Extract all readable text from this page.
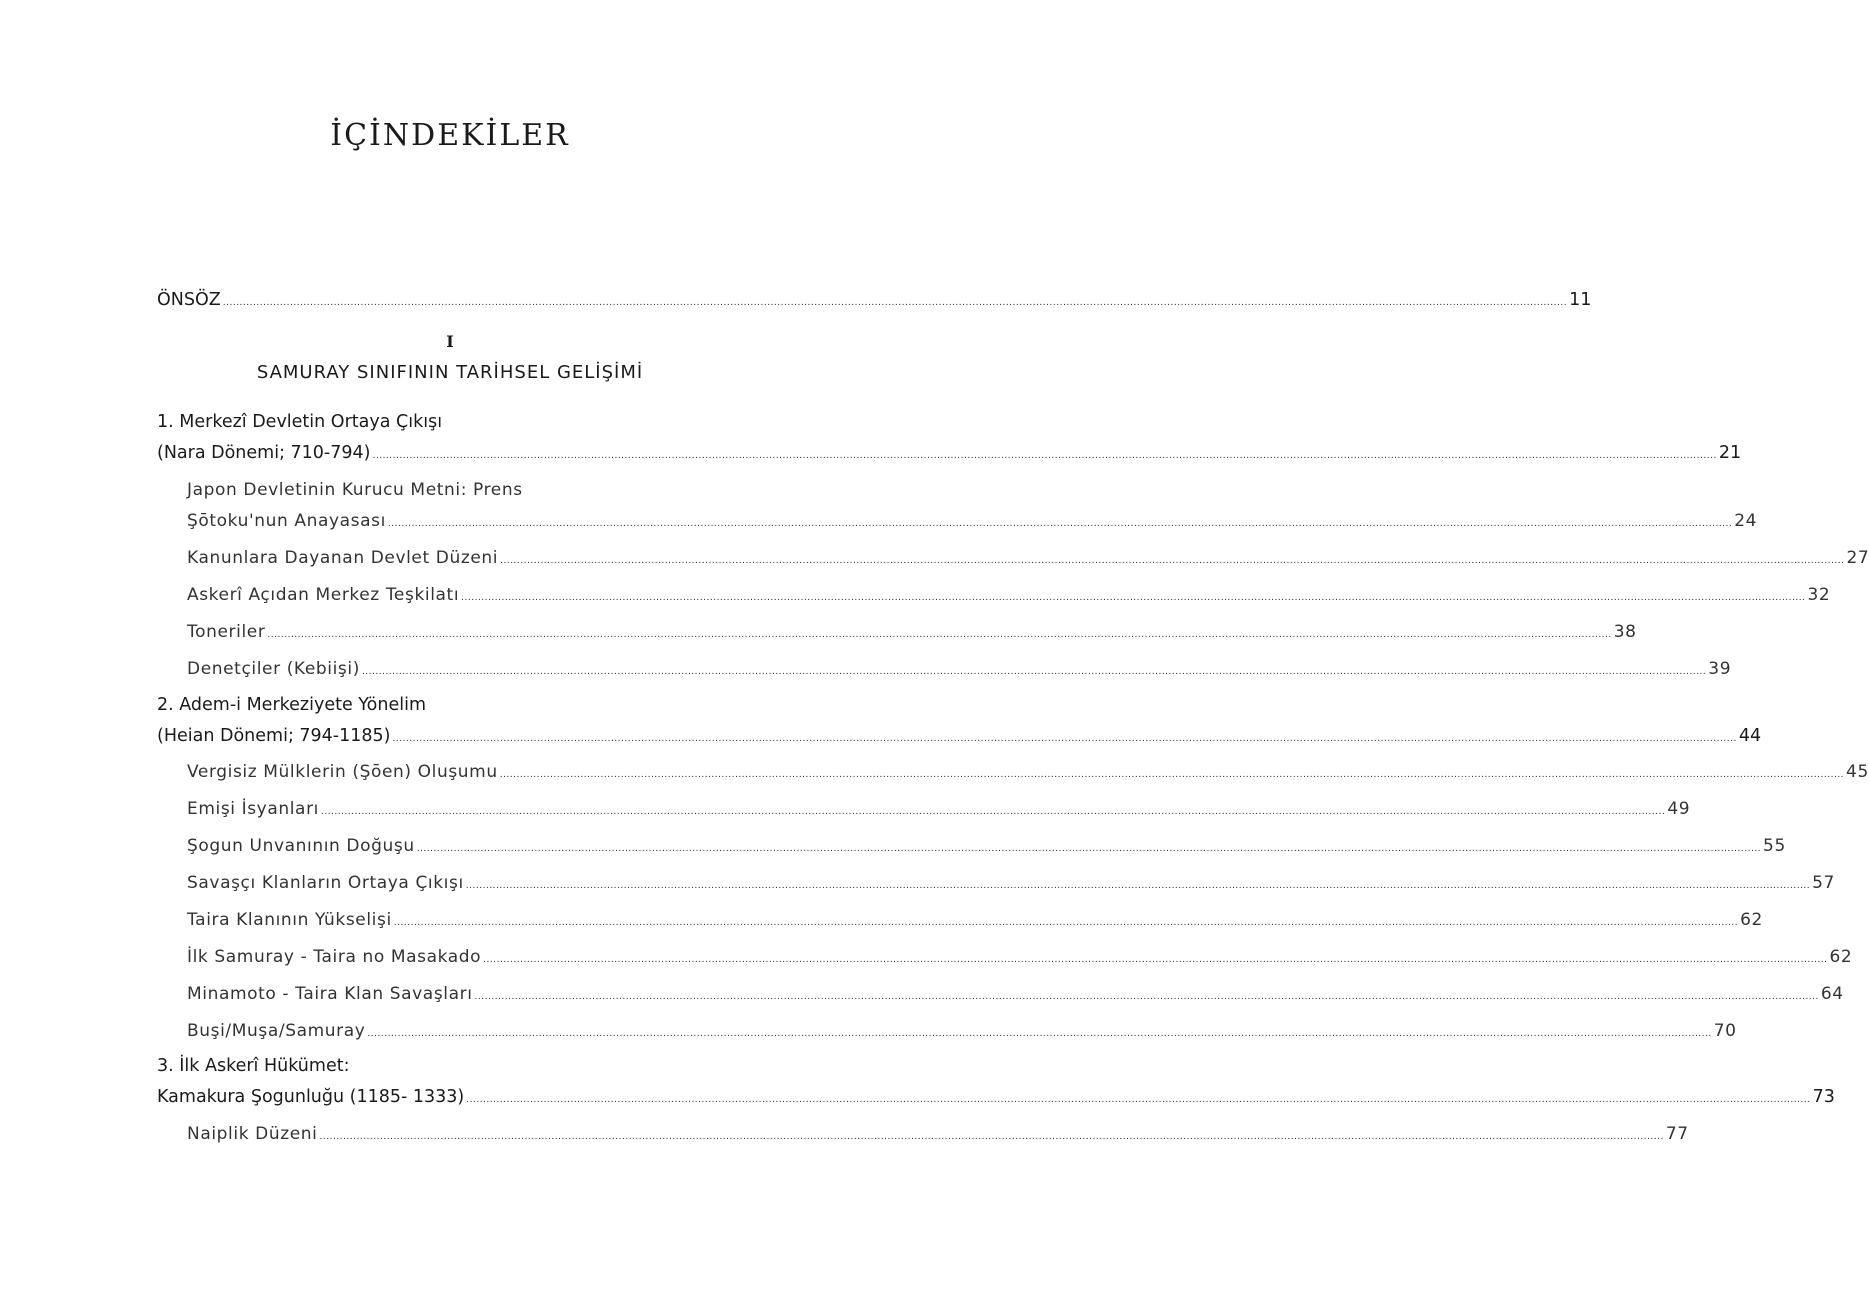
İÇİNDEKİLER
ÖNSÖZ ................................................................................................................................................................................................................................................................................................................................................................................................................ 11
I
SAMURAY SINIFININ TARİHSEL GELİŞİMİ
1. Merkezî Devletin Ortaya Çıkışı
(Nara Dönemi; 710-794) ................................................................................................................................................................................................................................................................................................................................................................................................................ 21
Japon Devletinin Kurucu Metni: Prens
Şōtoku'nun Anayasası ................................................................................................................................................................................................................................................................................................................................................................................................................ 24
Kanunlara Dayanan Devlet Düzeni ................................................................................................................................................................................................................................................................................................................................................................................................................ 27
Askerî Açıdan Merkez Teşkilatı ................................................................................................................................................................................................................................................................................................................................................................................................................ 32
Toneriler ................................................................................................................................................................................................................................................................................................................................................................................................................ 38
Denetçiler (Kebiişi) ................................................................................................................................................................................................................................................................................................................................................................................................................ 39
2. Adem-i Merkeziyete Yönelim
(Heian Dönemi; 794-1185) ................................................................................................................................................................................................................................................................................................................................................................................................................ 44
Vergisiz Mülklerin (Şōen) Oluşumu ................................................................................................................................................................................................................................................................................................................................................................................................................ 45
Emişi İsyanları ................................................................................................................................................................................................................................................................................................................................................................................................................ 49
Şogun Unvanının Doğuşu ................................................................................................................................................................................................................................................................................................................................................................................................................ 55
Savaşçı Klanların Ortaya Çıkışı ................................................................................................................................................................................................................................................................................................................................................................................................................ 57
Taira Klanının Yükselişi ................................................................................................................................................................................................................................................................................................................................................................................................................ 62
İlk Samuray - Taira no Masakado ................................................................................................................................................................................................................................................................................................................................................................................................................ 62
Minamoto - Taira Klan Savaşları ................................................................................................................................................................................................................................................................................................................................................................................................................ 64
Buşi/Muşa/Samuray ................................................................................................................................................................................................................................................................................................................................................................................................................ 70
3. İlk Askerî Hükümet:
Kamakura Şogunluğu (1185- 1333) ................................................................................................................................................................................................................................................................................................................................................................................................................ 73
Naiplik Düzeni ................................................................................................................................................................................................................................................................................................................................................................................................................ 77
